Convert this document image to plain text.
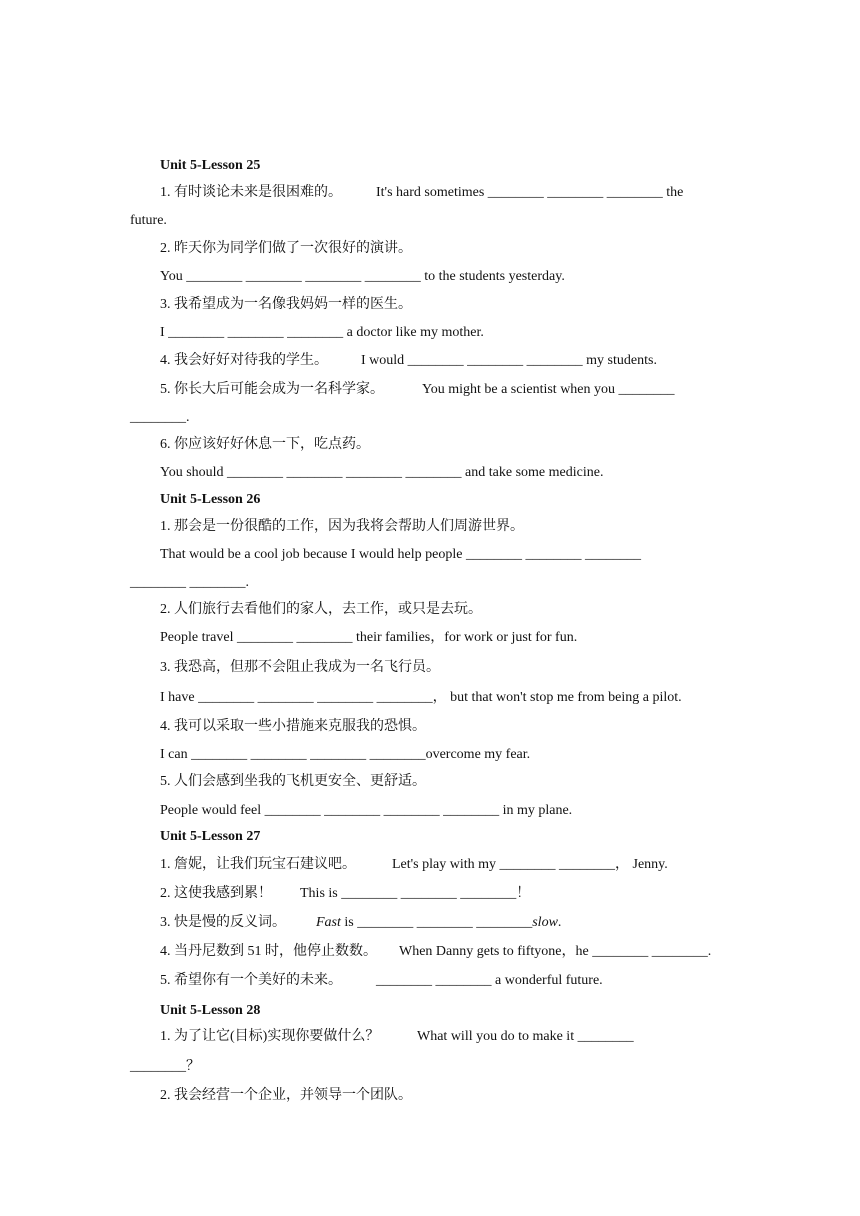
Unit 5-Lesson 25
1. 有时谈论未来是很困难的。 It's hard sometimes ________ ________ ________ the
future.
2. 昨天你为同学们做了一次很好的演讲。
You ________ ________ ________ ________ to the students yesterday.
3. 我希望成为一名像我妈妈一样的医生。
I ________ ________ ________ a doctor like my mother.
4. 我会好好对待我的学生。 I would ________ ________ ________ my students.
5. 你长大后可能会成为一名科学家。	You might be a scientist when you ________
________.
6. 你应该好好休息一下，吃点药。
You should ________ ________ ________ ________ and take some medicine.
Unit 5-Lesson 26
1. 那会是一份很酷的工作，因为我将会帮助人们周游世界。
That would be a cool job because I would help people ________ ________ ________
________ ________.
2. 人们旅行去看他们的家人，去工作，或只是去玩。
People travel ________ ________ their families，for work or just for fun.
3. 我恐高，但那不会阻止我成为一名飞行员。
I have ________ ________ ________ ________， but that won't stop me from being a pilot.
4. 我可以采取一些小措施来克服我的恐惧。
I can ________ ________ ________ ________overcome my fear.
5. 人们会感到坐我的飞机更安全、更舒适。
People would feel ________ ________ ________ ________ in my plane.
Unit 5-Lesson 27
1. 詹妮，让我们玩宝石建议吧。	Let's play with my ________ ________， Jenny.
2. 这使我感到累！ This is ________ ________ ________！
3. 快是慢的反义词。 Fast is ________ ________ ________slow.
4. 当丹尼数到 51 时，他停止数数。 When Danny gets to fiftyone，he ________ ________.
5. 希望你有一个美好的未来。 ________ ________ a wonderful future.
Unit 5-Lesson 28
1. 为了让它(目标)实现你要做什么？	What will you do to make it ________
________？
2. 我会经营一个企业，并领导一个团队。
